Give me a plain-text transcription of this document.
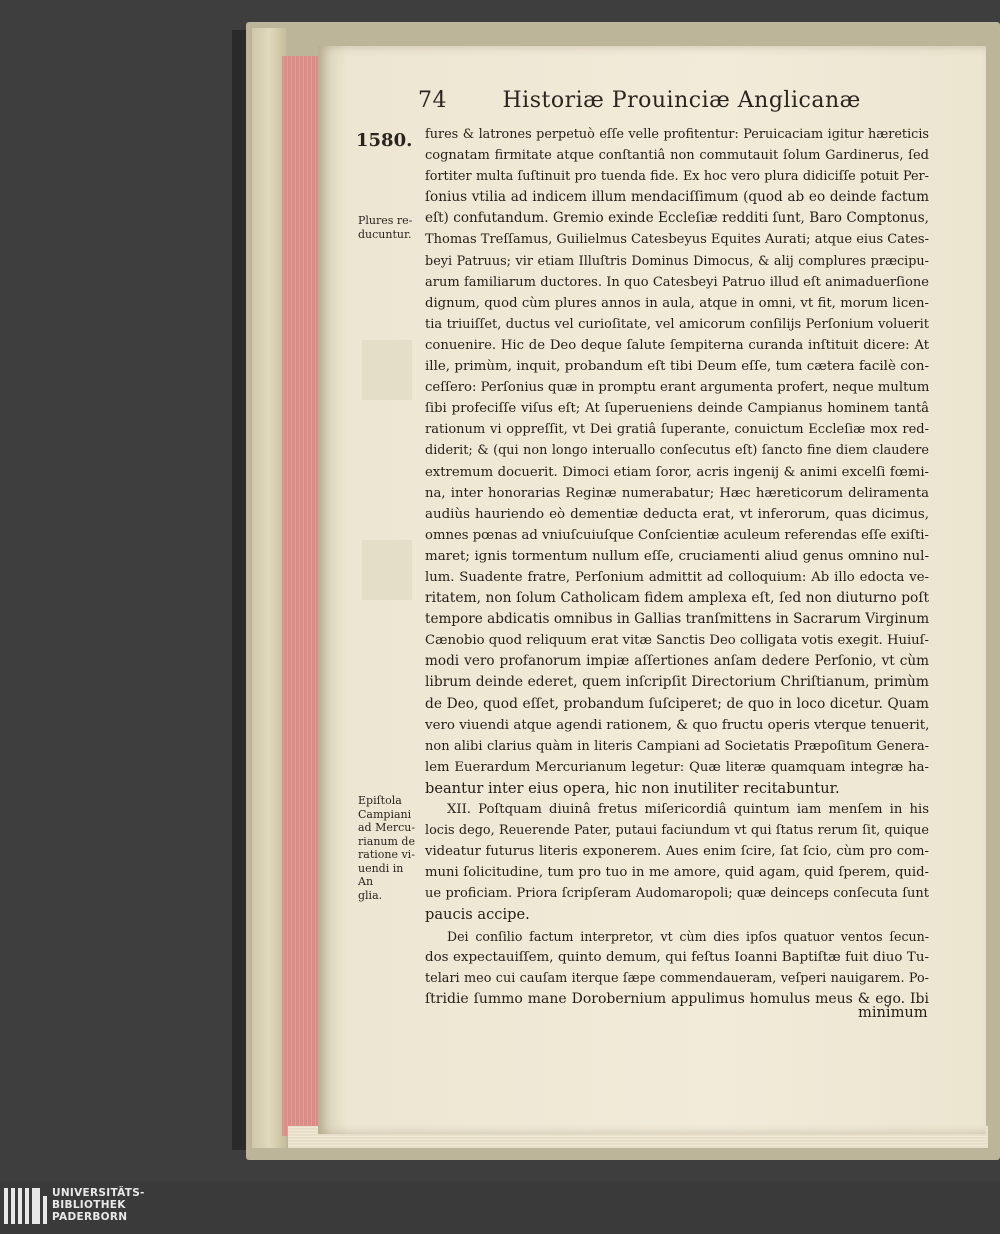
74	Historiæ Prouinciæ Anglicanæ
1580.
Plures re-
ducuntur.
Epiſtola
Campiani
ad Mercu-
rianum de
ratione vi-
uendi in An
glia.

fures & latrones perpetuò eſſe velle profitentur: Peruicaciam igitur hæreticis

cognatam firmitate atque conſtantiâ non commutauit ſolum Gardinerus, ſed

fortiter multa ſuſtinuit pro tuenda fide. Ex hoc vero plura didiciſſe potuit Per-

ſonius vtilia ad indicem illum mendaciſſimum (quod ab eo deinde factum

eſt) confutandum. Gremio exinde Eccleſiæ redditi ſunt, Baro Comptonus,

Thomas Treſſamus, Guilielmus Catesbeyus Equites Aurati; atque eius Cates-

beyi Patruus; vir etiam Illuſtris Dominus Dimocus, & alij complures præcipu-

arum familiarum ductores. In quo Catesbeyi Patruo illud eſt animaduerſione

dignum, quod cùm plures annos in aula, atque in omni, vt fit, morum licen-

tia triuiſſet, ductus vel curioſitate, vel amicorum conſilijs Perſonium voluerit

conuenire. Hic de Deo deque ſalute ſempiterna curanda inſtituit dicere: At

ille, primùm, inquit, probandum eſt tibi Deum eſſe, tum cætera facilè con-

ceſſero: Perſonius quæ in promptu erant argumenta profert, neque multum

ſibi profeciſſe viſus eſt; At ſuperueniens deinde Campianus hominem tantâ

rationum vi oppreſſit, vt Dei gratiâ ſuperante, conuictum Eccleſiæ mox red-

diderit; & (qui non longo interuallo conſecutus eſt) ſancto fine diem claudere

extremum docuerit. Dimoci etiam ſoror, acris ingenij & animi excelſi fœmi-

na, inter honorarias Reginæ numerabatur; Hæc hæreticorum deliramenta

audiùs hauriendo eò dementiæ deducta erat, vt inferorum, quas dicimus,

omnes pœnas ad vniuſcuiuſque Conſcientiæ aculeum referendas eſſe exiſti-

maret; ignis tormentum nullum eſſe, cruciamenti aliud genus omnino nul-

lum. Suadente fratre, Perſonium admittit ad colloquium: Ab illo edocta ve-

ritatem, non ſolum Catholicam fidem amplexa eſt, ſed non diuturno poſt

tempore abdicatis omnibus in Gallias tranſmittens in Sacrarum Virginum

Cænobio quod reliquum erat vitæ Sanctis Deo colligata votis exegit. Huiuſ-

modi vero profanorum impiæ aſſertiones anſam dedere Perſonio, vt cùm

librum deinde ederet, quem inſcripſit Directorium Chriſtianum, primùm

de Deo, quod eſſet, probandum ſuſciperet; de quo in loco dicetur. Quam

vero viuendi atque agendi rationem, & quo fructu operis vterque tenuerit,

non alibi clarius quàm in literis Campiani ad Societatis Præpoſitum Genera-

lem Euerardum Mercurianum legetur: Quæ literæ quamquam integræ ha-

beantur inter eius opera, hic non inutiliter recitabuntur.

XII. Poſtquam diuinâ fretus miſericordiâ quintum iam menſem in his

locis dego, Reuerende Pater, putaui faciundum vt qui ſtatus rerum ſit, quique

videatur futurus literis exponerem. Aues enim ſcire, ſat ſcio, cùm pro com-

muni ſolicitudine, tum pro tuo in me amore, quid agam, quid ſperem, quid-

ue proficiam. Priora ſcripſeram Audomaropoli; quæ deinceps conſecuta ſunt

paucis accipe.

Dei conſilio factum interpretor, vt cùm dies ipſos quatuor ventos ſecun-

dos expectauiſſem, quinto demum, qui feſtus Ioanni Baptiſtæ fuit diuo Tu-

telari meo cui cauſam iterque ſæpe commendaueram, veſperi nauigarem. Po-

ſtridie ſummo mane Dorobernium appulimus homulus meus & ego. Ibi

minimum
UNIVERSITÄTS-
BIBLIOTHEK
PADERBORN
